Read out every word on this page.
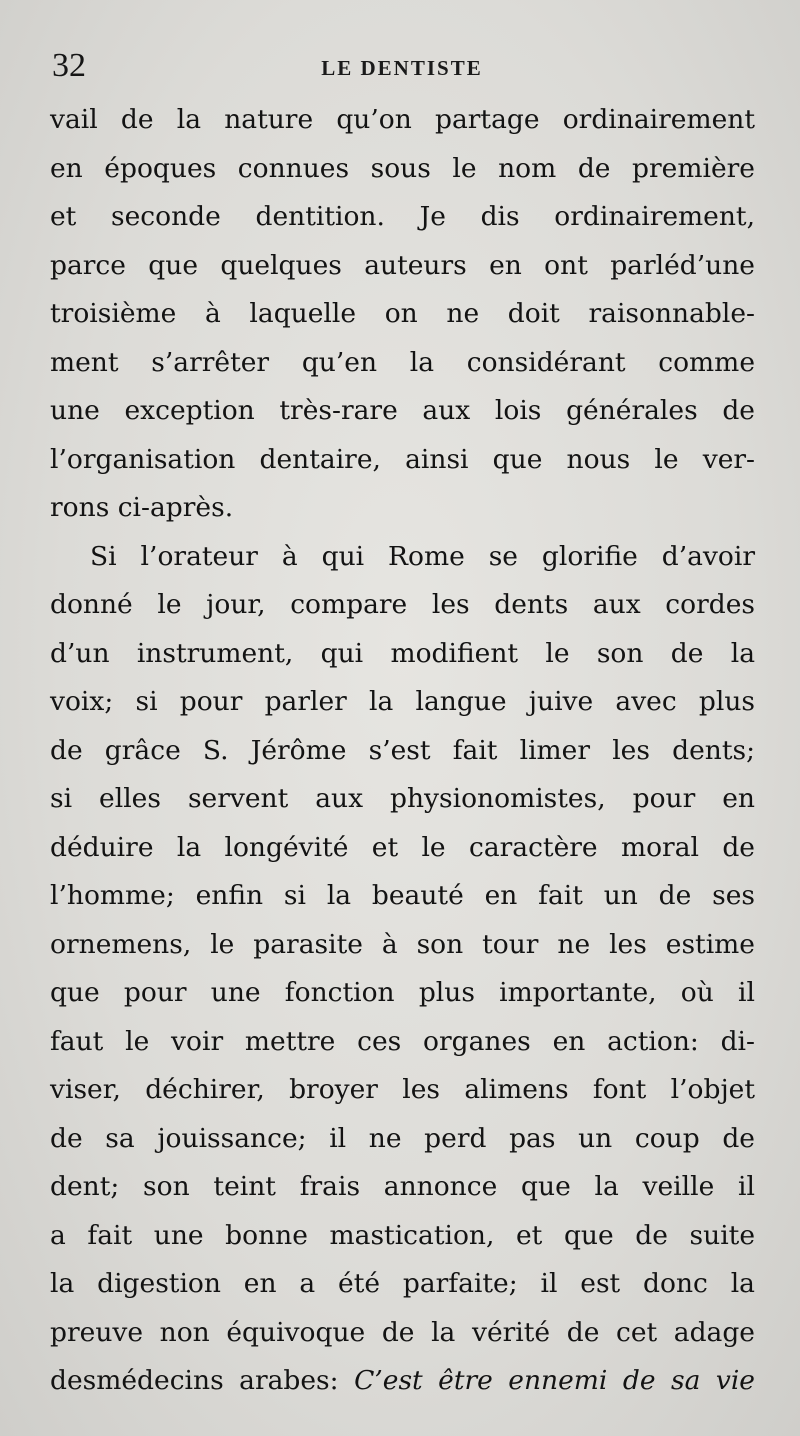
32	LE DENTISTE
vail de la nature qu’on partage ordinairement
en époques connues sous le nom de première
et seconde dentition. Je dis ordinairement,
parce que quelques auteurs en ont parléd’une
troisième à laquelle on ne doit raisonnable-
ment s’arrêter qu’en la considérant comme
une exception très-rare aux lois générales de
l’organisation dentaire, ainsi que nous le ver-
rons ci-après.
Si l’orateur à qui Rome se glorifie d’avoir
donné le jour, compare les dents aux cordes
d’un instrument, qui modifient le son de la
voix; si pour parler la langue juive avec plus
de grâce S. Jérôme s’est fait limer les dents;
si elles servent aux physionomistes, pour en
déduire la longévité et le caractère moral de
l’homme; enfin si la beauté en fait un de ses
ornemens, le parasite à son tour ne les estime
que pour une fonction plus importante, où il
faut le voir mettre ces organes en action: di-
viser, déchirer, broyer les alimens font l’objet
de sa jouissance; il ne perd pas un coup de
dent; son teint frais annonce que la veille il
a fait une bonne mastication, et que de suite
la digestion en a été parfaite; il est donc la
preuve non équivoque de la vérité de cet adage
desmédecins arabes: C’est être ennemi de sa vie
